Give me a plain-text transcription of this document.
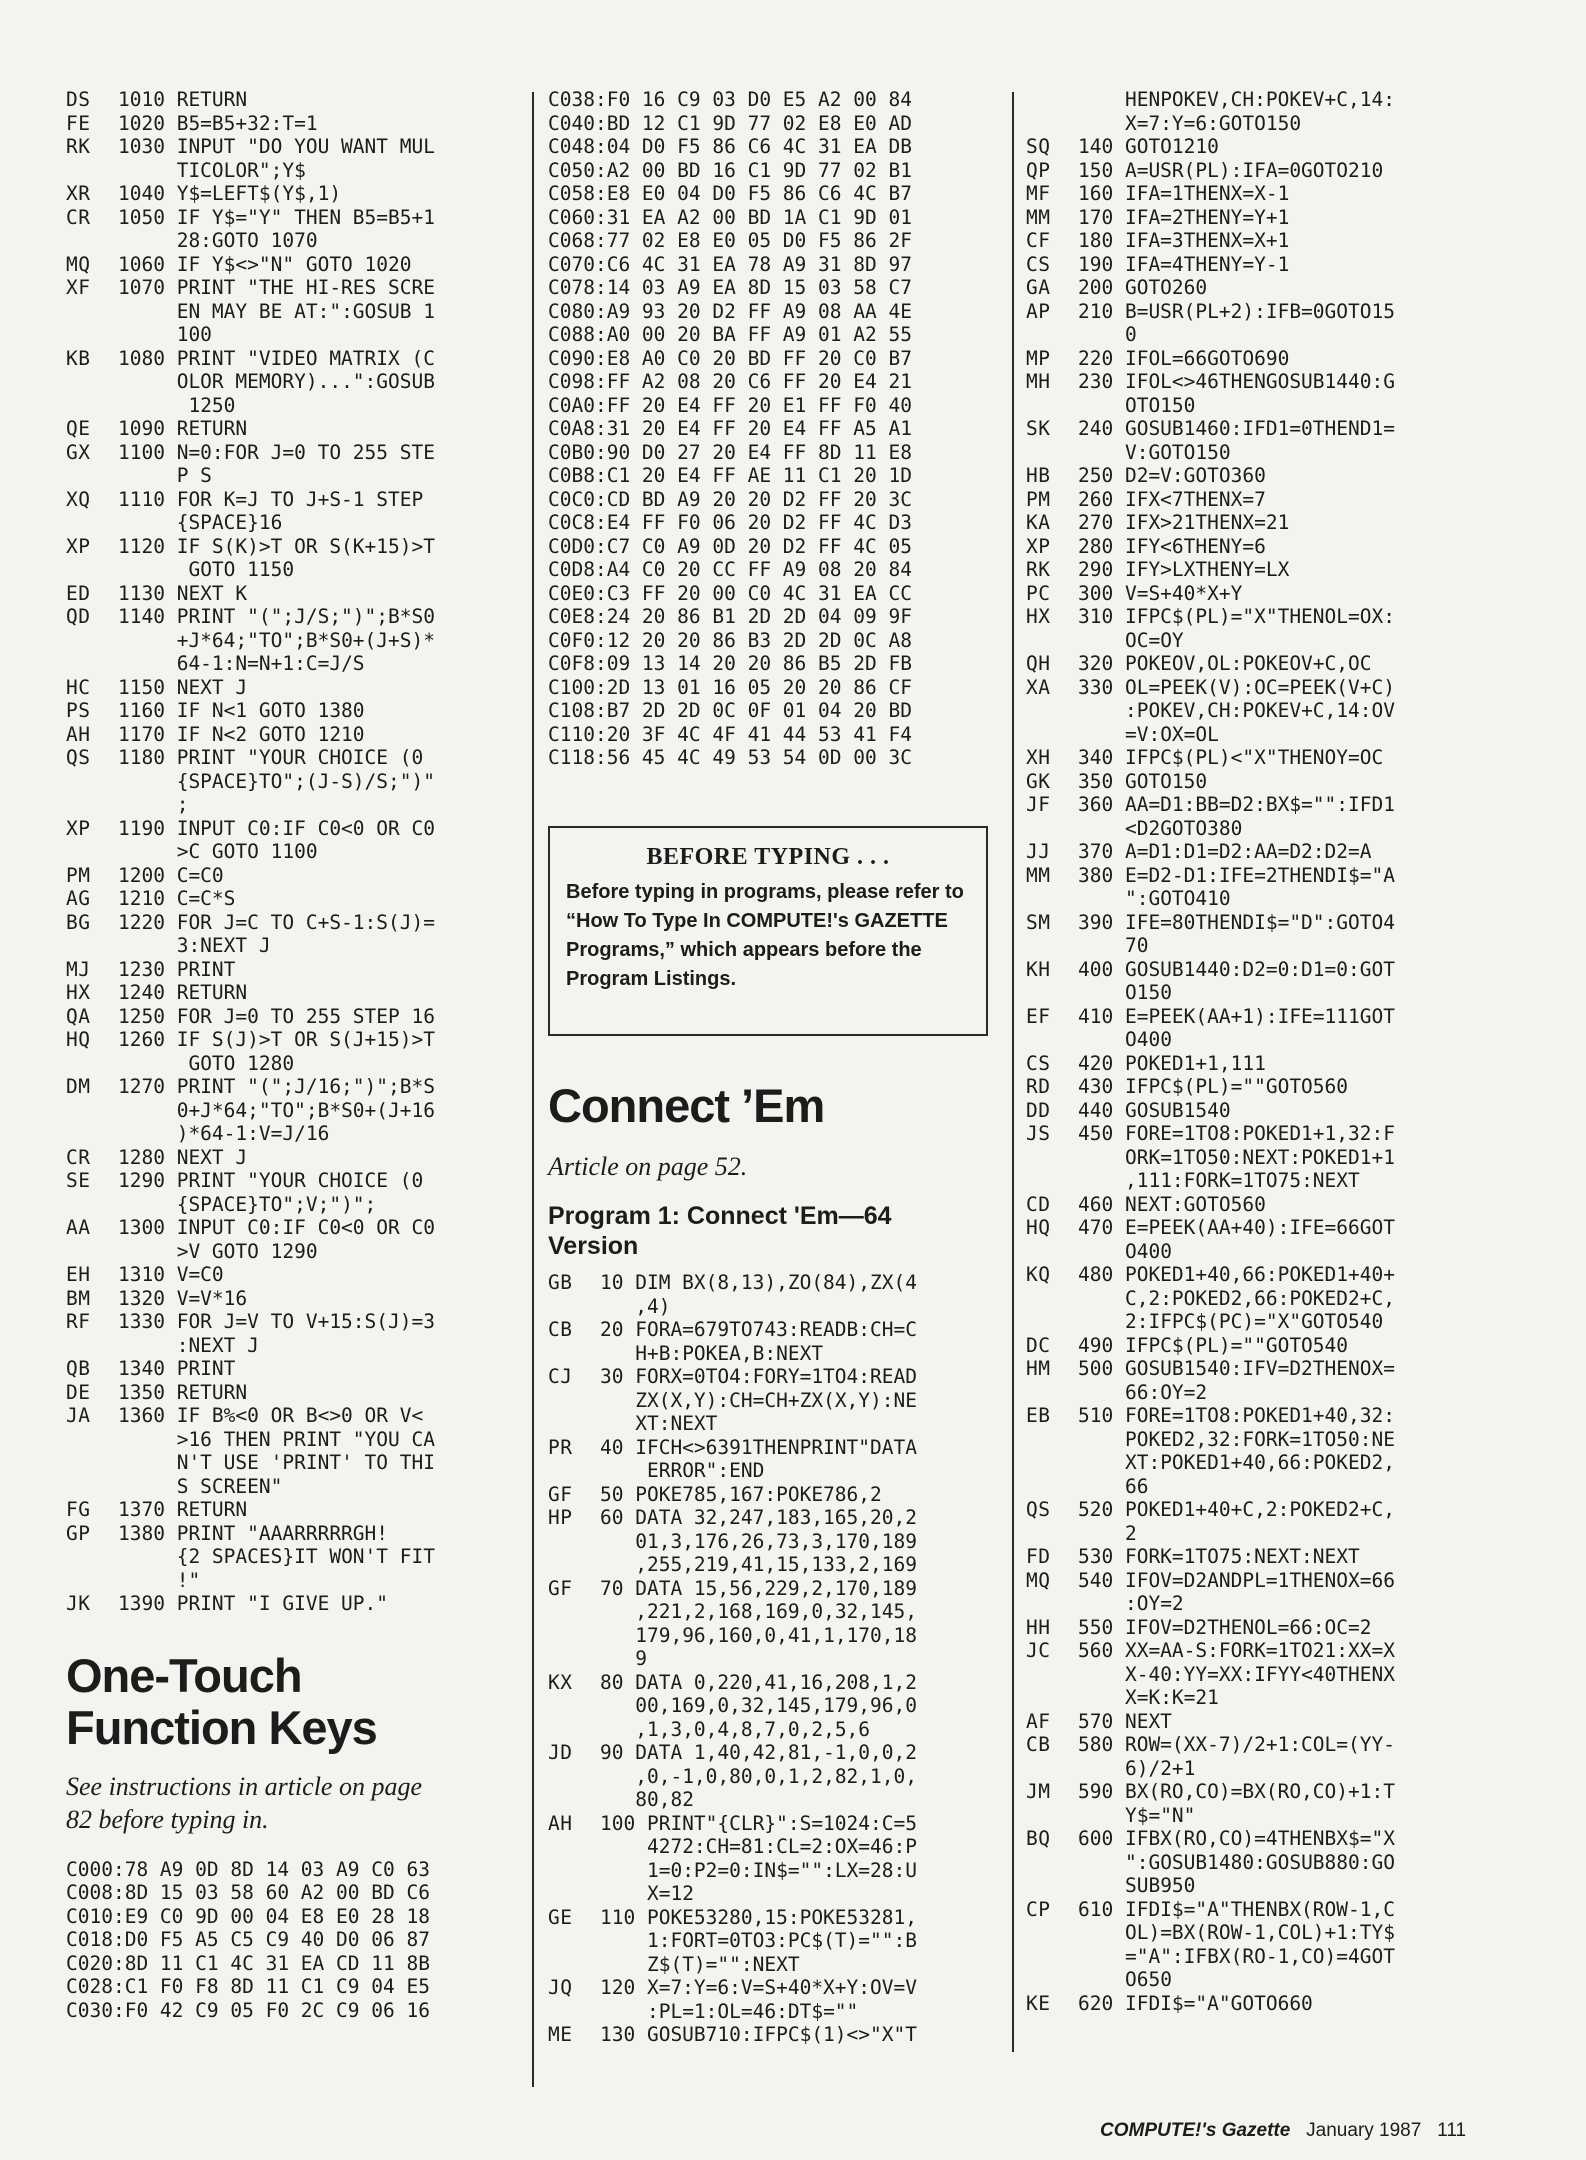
DS	1010 RETURN
FE	1020 B5=B5+32:T=1
RK	1030 INPUT "DO YOU WANT MUL
TICOLOR";Y$
XR	1040 Y$=LEFT$(Y$,1)
CR	1050 IF Y$="Y" THEN B5=B5+1
28:GOTO 1070
MQ	1060 IF Y$<>"N" GOTO 1020
XF	1070 PRINT "THE HI-RES SCRE
EN MAY BE AT:":GOSUB 1
100
KB	1080 PRINT "VIDEO MATRIX (C
OLOR MEMORY)...":GOSUB
1250
QE	1090 RETURN
GX	1100 N=0:FOR J=0 TO 255 STE
P S
XQ	1110 FOR K=J TO J+S-1 STEP
{SPACE}16
XP	1120 IF S(K)>T OR S(K+15)>T
GOTO 1150
ED	1130 NEXT K
QD	1140 PRINT "(";J/S;")";B*S0
+J*64;"TO";B*S0+(J+S)*
64-1:N=N+1:C=J/S
HC	1150 NEXT J
PS	1160 IF N<1 GOTO 1380
AH	1170 IF N<2 GOTO 1210
QS	1180 PRINT "YOUR CHOICE (0
{SPACE}TO";(J-S)/S;")"
;
XP	1190 INPUT C0:IF C0<0 OR C0
>C GOTO 1100
PM	1200 C=C0
AG	1210 C=C*S
BG	1220 FOR J=C TO C+S-1:S(J)=
3:NEXT J
MJ	1230 PRINT
HX	1240 RETURN
QA	1250 FOR J=0 TO 255 STEP 16
HQ	1260 IF S(J)>T OR S(J+15)>T
GOTO 1280
DM	1270 PRINT "(";J/16;")";B*S
0+J*64;"TO";B*S0+(J+16
)*64-1:V=J/16
CR	1280 NEXT J
SE	1290 PRINT "YOUR CHOICE (0
{SPACE}TO";V;")";
AA	1300 INPUT C0:IF C0<0 OR C0
>V GOTO 1290
EH	1310 V=C0
BM	1320 V=V*16
RF	1330 FOR J=V TO V+15:S(J)=3
:NEXT J
QB	1340 PRINT
DE	1350 RETURN
JA	1360 IF B%<0 OR B<>0 OR V<
>16 THEN PRINT "YOU CA
N'T USE 'PRINT' TO THI
S SCREEN"
FG	1370 RETURN
GP	1380 PRINT "AAARRRRRGH!
{2 SPACES}IT WON'T FIT
!"
JK	1390 PRINT "I GIVE UP."
One-Touch
Function Keys

See instructions in article on page
82 before typing in.

C000:78 A9 0D 8D 14 03 A9 C0 63
C008:8D 15 03 58 60 A2 00 BD C6
C010:E9 C0 9D 00 04 E8 E0 28 18
C018:D0 F5 A5 C5 C9 40 D0 06 87
C020:8D 11 C1 4C 31 EA CD 11 8B
C028:C1 F0 F8 8D 11 C1 C9 04 E5
C030:F0 42 C9 05 F0 2C C9 06 16
C038:F0 16 C9 03 D0 E5 A2 00 84
C040:BD 12 C1 9D 77 02 E8 E0 AD
C048:04 D0 F5 86 C6 4C 31 EA DB
C050:A2 00 BD 16 C1 9D 77 02 B1
C058:E8 E0 04 D0 F5 86 C6 4C B7
C060:31 EA A2 00 BD 1A C1 9D 01
C068:77 02 E8 E0 05 D0 F5 86 2F
C070:C6 4C 31 EA 78 A9 31 8D 97
C078:14 03 A9 EA 8D 15 03 58 C7
C080:A9 93 20 D2 FF A9 08 AA 4E
C088:A0 00 20 BA FF A9 01 A2 55
C090:E8 A0 C0 20 BD FF 20 C0 B7
C098:FF A2 08 20 C6 FF 20 E4 21
C0A0:FF 20 E4 FF 20 E1 FF F0 40
C0A8:31 20 E4 FF 20 E4 FF A5 A1
C0B0:90 D0 27 20 E4 FF 8D 11 E8
C0B8:C1 20 E4 FF AE 11 C1 20 1D
C0C0:CD BD A9 20 20 D2 FF 20 3C
C0C8:E4 FF F0 06 20 D2 FF 4C D3
C0D0:C7 C0 A9 0D 20 D2 FF 4C 05
C0D8:A4 C0 20 CC FF A9 08 20 84
C0E0:C3 FF 20 00 C0 4C 31 EA CC
C0E8:24 20 86 B1 2D 2D 04 09 9F
C0F0:12 20 20 86 B3 2D 2D 0C A8
C0F8:09 13 14 20 20 86 B5 2D FB
C100:2D 13 01 16 05 20 20 86 CF
C108:B7 2D 2D 0C 0F 01 04 20 BD
C110:20 3F 4C 4F 41 44 53 41 F4
C118:56 45 4C 49 53 54 0D 00 3C

BEFORE TYPING . . .

Before typing in programs, please refer to “How To Type In COMPUTE!'s GAZETTE Programs,” which appears before the Program Listings.

Connect ’Em

Article on page 52.

Program 1: Connect 'Em—64
Version

GB	10 DIM BX(8,13),ZO(84),ZX(4
,4)
CB	20 FORA=679TO743:READB:CH=C
H+B:POKEA,B:NEXT
CJ	30 FORX=0TO4:FORY=1TO4:READ
ZX(X,Y):CH=CH+ZX(X,Y):NE
XT:NEXT
PR	40 IFCH<>6391THENPRINT"DATA
ERROR":END
GF	50 POKE785,167:POKE786,2
HP	60 DATA 32,247,183,165,20,2
01,3,176,26,73,3,170,189
,255,219,41,15,133,2,169
GF	70 DATA 15,56,229,2,170,189
,221,2,168,169,0,32,145,
179,96,160,0,41,1,170,18
9
KX	80 DATA 0,220,41,16,208,1,2
00,169,0,32,145,179,96,0
,1,3,0,4,8,7,0,2,5,6
JD	90 DATA 1,40,42,81,-1,0,0,2
,0,-1,0,80,0,1,2,82,1,0,
80,82
AH	100 PRINT"{CLR}":S=1024:C=5
4272:CH=81:CL=2:OX=46:P
1=0:P2=0:IN$="":LX=28:U
X=12
GE	110 POKE53280,15:POKE53281,
1:FORT=0TO3:PC$(T)="":B
Z$(T)="":NEXT
JQ	120 X=7:Y=6:V=S+40*X+Y:OV=V
:PL=1:OL=46:DT$=""
ME	130 GOSUB710:IFPC$(1)<>"X"T
HENPOKEV,CH:POKEV+C,14:
X=7:Y=6:GOTO150
SQ	140 GOTO1210
QP	150 A=USR(PL):IFA=0GOTO210
MF	160 IFA=1THENX=X-1
MM	170 IFA=2THENY=Y+1
CF	180 IFA=3THENX=X+1
CS	190 IFA=4THENY=Y-1
GA	200 GOTO260
AP	210 B=USR(PL+2):IFB=0GOTO15
0
MP	220 IFOL=66GOTO690
MH	230 IFOL<>46THENGOSUB1440:G
OTO150
SK	240 GOSUB1460:IFD1=0THEND1=
V:GOTO150
HB	250 D2=V:GOTO360
PM	260 IFX<7THENX=7
KA	270 IFX>21THENX=21
XP	280 IFY<6THENY=6
RK	290 IFY>LXTHENY=LX
PC	300 V=S+40*X+Y
HX	310 IFPC$(PL)="X"THENOL=OX:
OC=OY
QH	320 POKEOV,OL:POKEOV+C,OC
XA	330 OL=PEEK(V):OC=PEEK(V+C)
:POKEV,CH:POKEV+C,14:OV
=V:OX=OL
XH	340 IFPC$(PL)<"X"THENOY=OC
GK	350 GOTO150
JF	360 AA=D1:BB=D2:BX$="":IFD1
<D2GOTO380
JJ	370 A=D1:D1=D2:AA=D2:D2=A
MM	380 E=D2-D1:IFE=2THENDI$="A
":GOTO410
SM	390 IFE=80THENDI$="D":GOTO4
70
KH	400 GOSUB1440:D2=0:D1=0:GOT
O150
EF	410 E=PEEK(AA+1):IFE=111GOT
O400
CS	420 POKED1+1,111
RD	430 IFPC$(PL)=""GOTO560
DD	440 GOSUB1540
JS	450 FORE=1TO8:POKED1+1,32:F
ORK=1TO50:NEXT:POKED1+1
,111:FORK=1TO75:NEXT
CD	460 NEXT:GOTO560
HQ	470 E=PEEK(AA+40):IFE=66GOT
O400
KQ	480 POKED1+40,66:POKED1+40+
C,2:POKED2,66:POKED2+C,
2:IFPC$(PC)="X"GOTO540
DC	490 IFPC$(PL)=""GOTO540
HM	500 GOSUB1540:IFV=D2THENOX=
66:OY=2
EB	510 FORE=1TO8:POKED1+40,32:
POKED2,32:FORK=1TO50:NE
XT:POKED1+40,66:POKED2,
66
QS	520 POKED1+40+C,2:POKED2+C,
2
FD	530 FORK=1TO75:NEXT:NEXT
MQ	540 IFOV=D2ANDPL=1THENOX=66
:OY=2
HH	550 IFOV=D2THENOL=66:OC=2
JC	560 XX=AA-S:FORK=1TO21:XX=X
X-40:YY=XX:IFYY<40THENX
X=K:K=21
AF	570 NEXT
CB	580 ROW=(XX-7)/2+1:COL=(YY-
6)/2+1
JM	590 BX(RO,CO)=BX(RO,CO)+1:T
Y$="N"
BQ	600 IFBX(RO,CO)=4THENBX$="X
":GOSUB1480:GOSUB880:GO
SUB950
CP	610 IFDI$="A"THENBX(ROW-1,C
OL)=BX(ROW-1,COL)+1:TY$
="A":IFBX(RO-1,CO)=4GOT
O650
KE	620 IFDI$="A"GOTO660
COMPUTE!'s Gazette January 1987 111
